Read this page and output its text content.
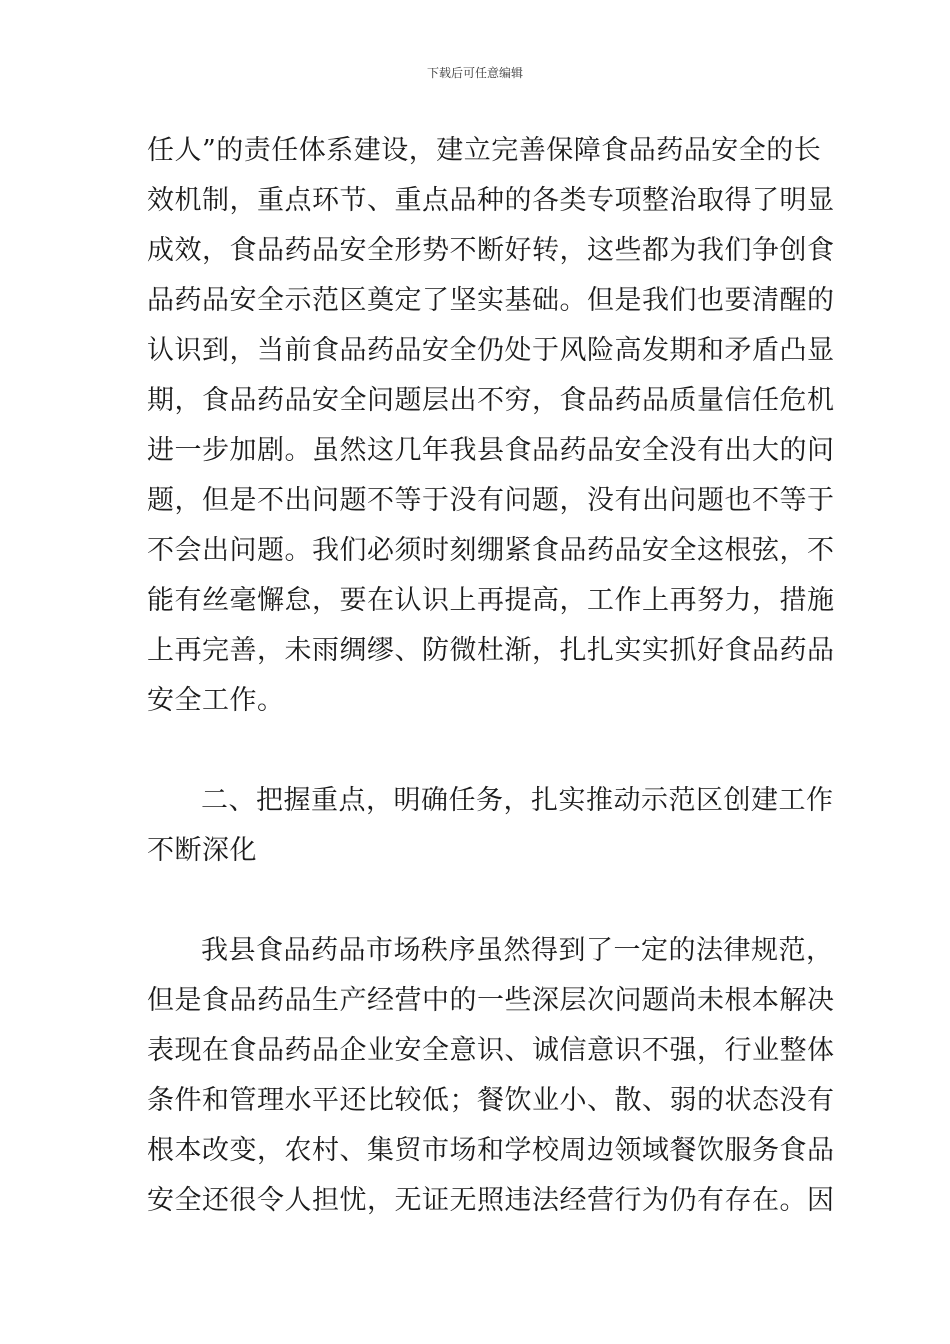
下载后可任意编辑
任人”的责任体系建设，建立完善保障食品药品安全的长
效机制，重点环节、重点品种的各类专项整治取得了明显
成效，食品药品安全形势不断好转，这些都为我们争创食
品药品安全示范区奠定了坚实基础。但是我们也要清醒的
认识到，当前食品药品安全仍处于风险高发期和矛盾凸显
期，食品药品安全问题层出不穷，食品药品质量信任危机
进一步加剧。虽然这几年我县食品药品安全没有出大的问
题，但是不出问题不等于没有问题，没有出问题也不等于
不会出问题。我们必须时刻绷紧食品药品安全这根弦，不
能有丝毫懈怠，要在认识上再提高，工作上再努力，措施
上再完善，未雨绸缪、防微杜渐，扎扎实实抓好食品药品
安全工作。
二、把握重点，明确任务，扎实推动示范区创建工作
不断深化
我县食品药品市场秩序虽然得到了一定的法律规范，
但是食品药品生产经营中的一些深层次问题尚未根本解决
表现在食品药品企业安全意识、诚信意识不强，行业整体
条件和管理水平还比较低；餐饮业小、散、弱的状态没有
根本改变，农村、集贸市场和学校周边领域餐饮服务食品
安全还很令人担忧，无证无照违法经营行为仍有存在。因
